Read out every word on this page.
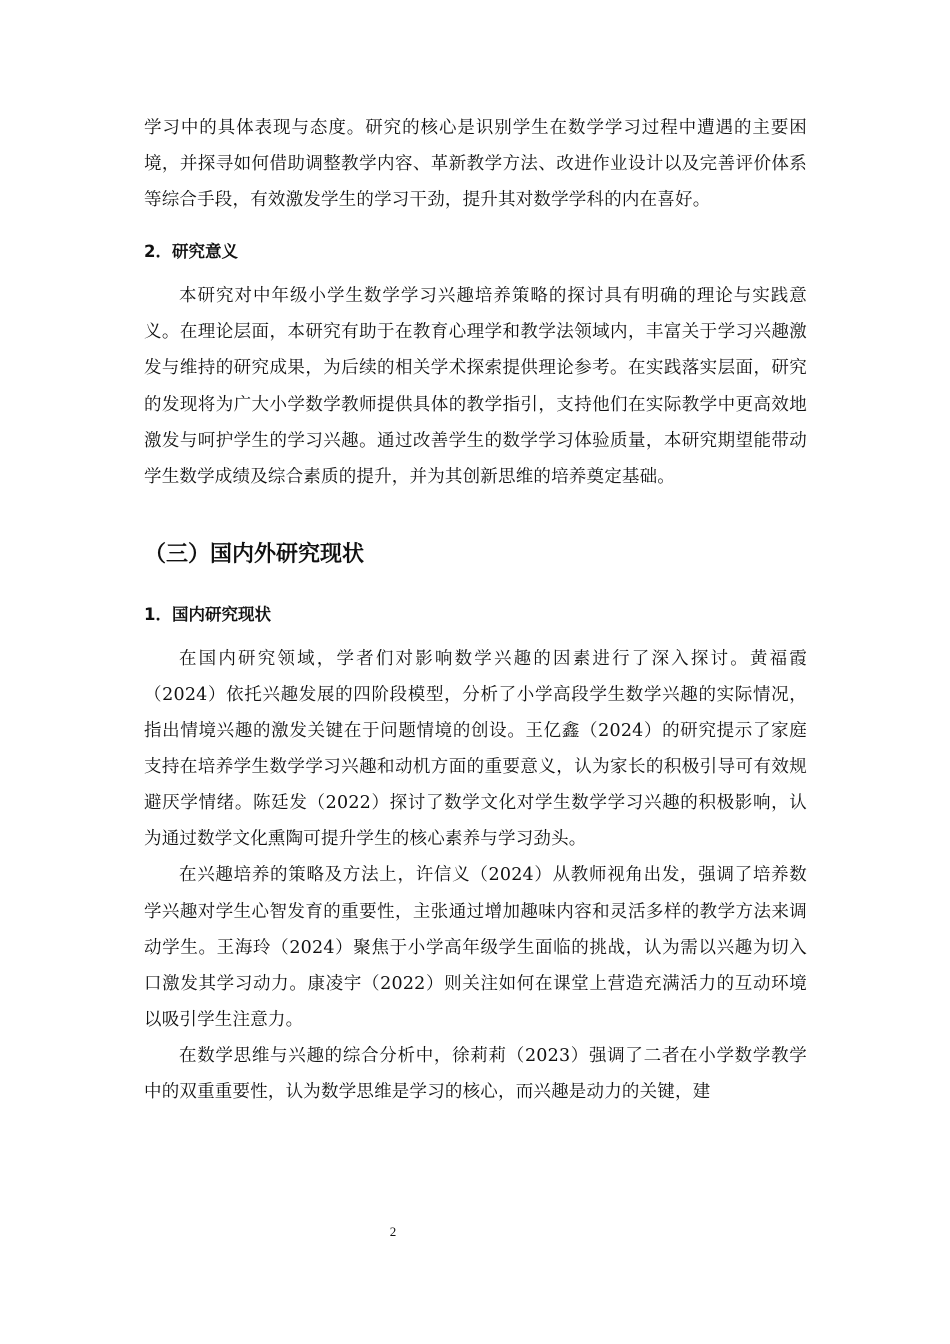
学习中的具体表现与态度。研究的核心是识别学生在数学学习过程中遭遇的主要困境，并探寻如何借助调整教学内容、革新教学方法、改进作业设计以及完善评价体系等综合手段，有效激发学生的学习干劲，提升其对数学学科的内在喜好。

2．研究意义

本研究对中年级小学生数学学习兴趣培养策略的探讨具有明确的理论与实践意义。在理论层面，本研究有助于在教育心理学和教学法领域内，丰富关于学习兴趣激发与维持的研究成果，为后续的相关学术探索提供理论参考。在实践落实层面，研究的发现将为广大小学数学教师提供具体的教学指引，支持他们在实际教学中更高效地激发与呵护学生的学习兴趣。通过改善学生的数学学习体验质量，本研究期望能带动学生数学成绩及综合素质的提升，并为其创新思维的培养奠定基础。

（三）国内外研究现状

1．国内研究现状

在国内研究领域，学者们对影响数学兴趣的因素进行了深入探讨。黄福霞（2024）依托兴趣发展的四阶段模型，分析了小学高段学生数学兴趣的实际情况，指出情境兴趣的激发关键在于问题情境的创设。王亿鑫（2024）的研究提示了家庭支持在培养学生数学学习兴趣和动机方面的重要意义，认为家长的积极引导可有效规避厌学情绪。陈廷发（2022）探讨了数学文化对学生数学学习兴趣的积极影响，认为通过数学文化熏陶可提升学生的核心素养与学习劲头。

在兴趣培养的策略及方法上，许信义（2024）从教师视角出发，强调了培养数学兴趣对学生心智发育的重要性，主张通过增加趣味内容和灵活多样的教学方法来调动学生。王海玲（2024）聚焦于小学高年级学生面临的挑战，认为需以兴趣为切入口激发其学习动力。康凌宇（2022）则关注如何在课堂上营造充满活力的互动环境以吸引学生注意力。

在数学思维与兴趣的综合分析中，徐莉莉（2023）强调了二者在小学数学教学中的双重重要性，认为数学思维是学习的核心，而兴趣是动力的关键，建

2
